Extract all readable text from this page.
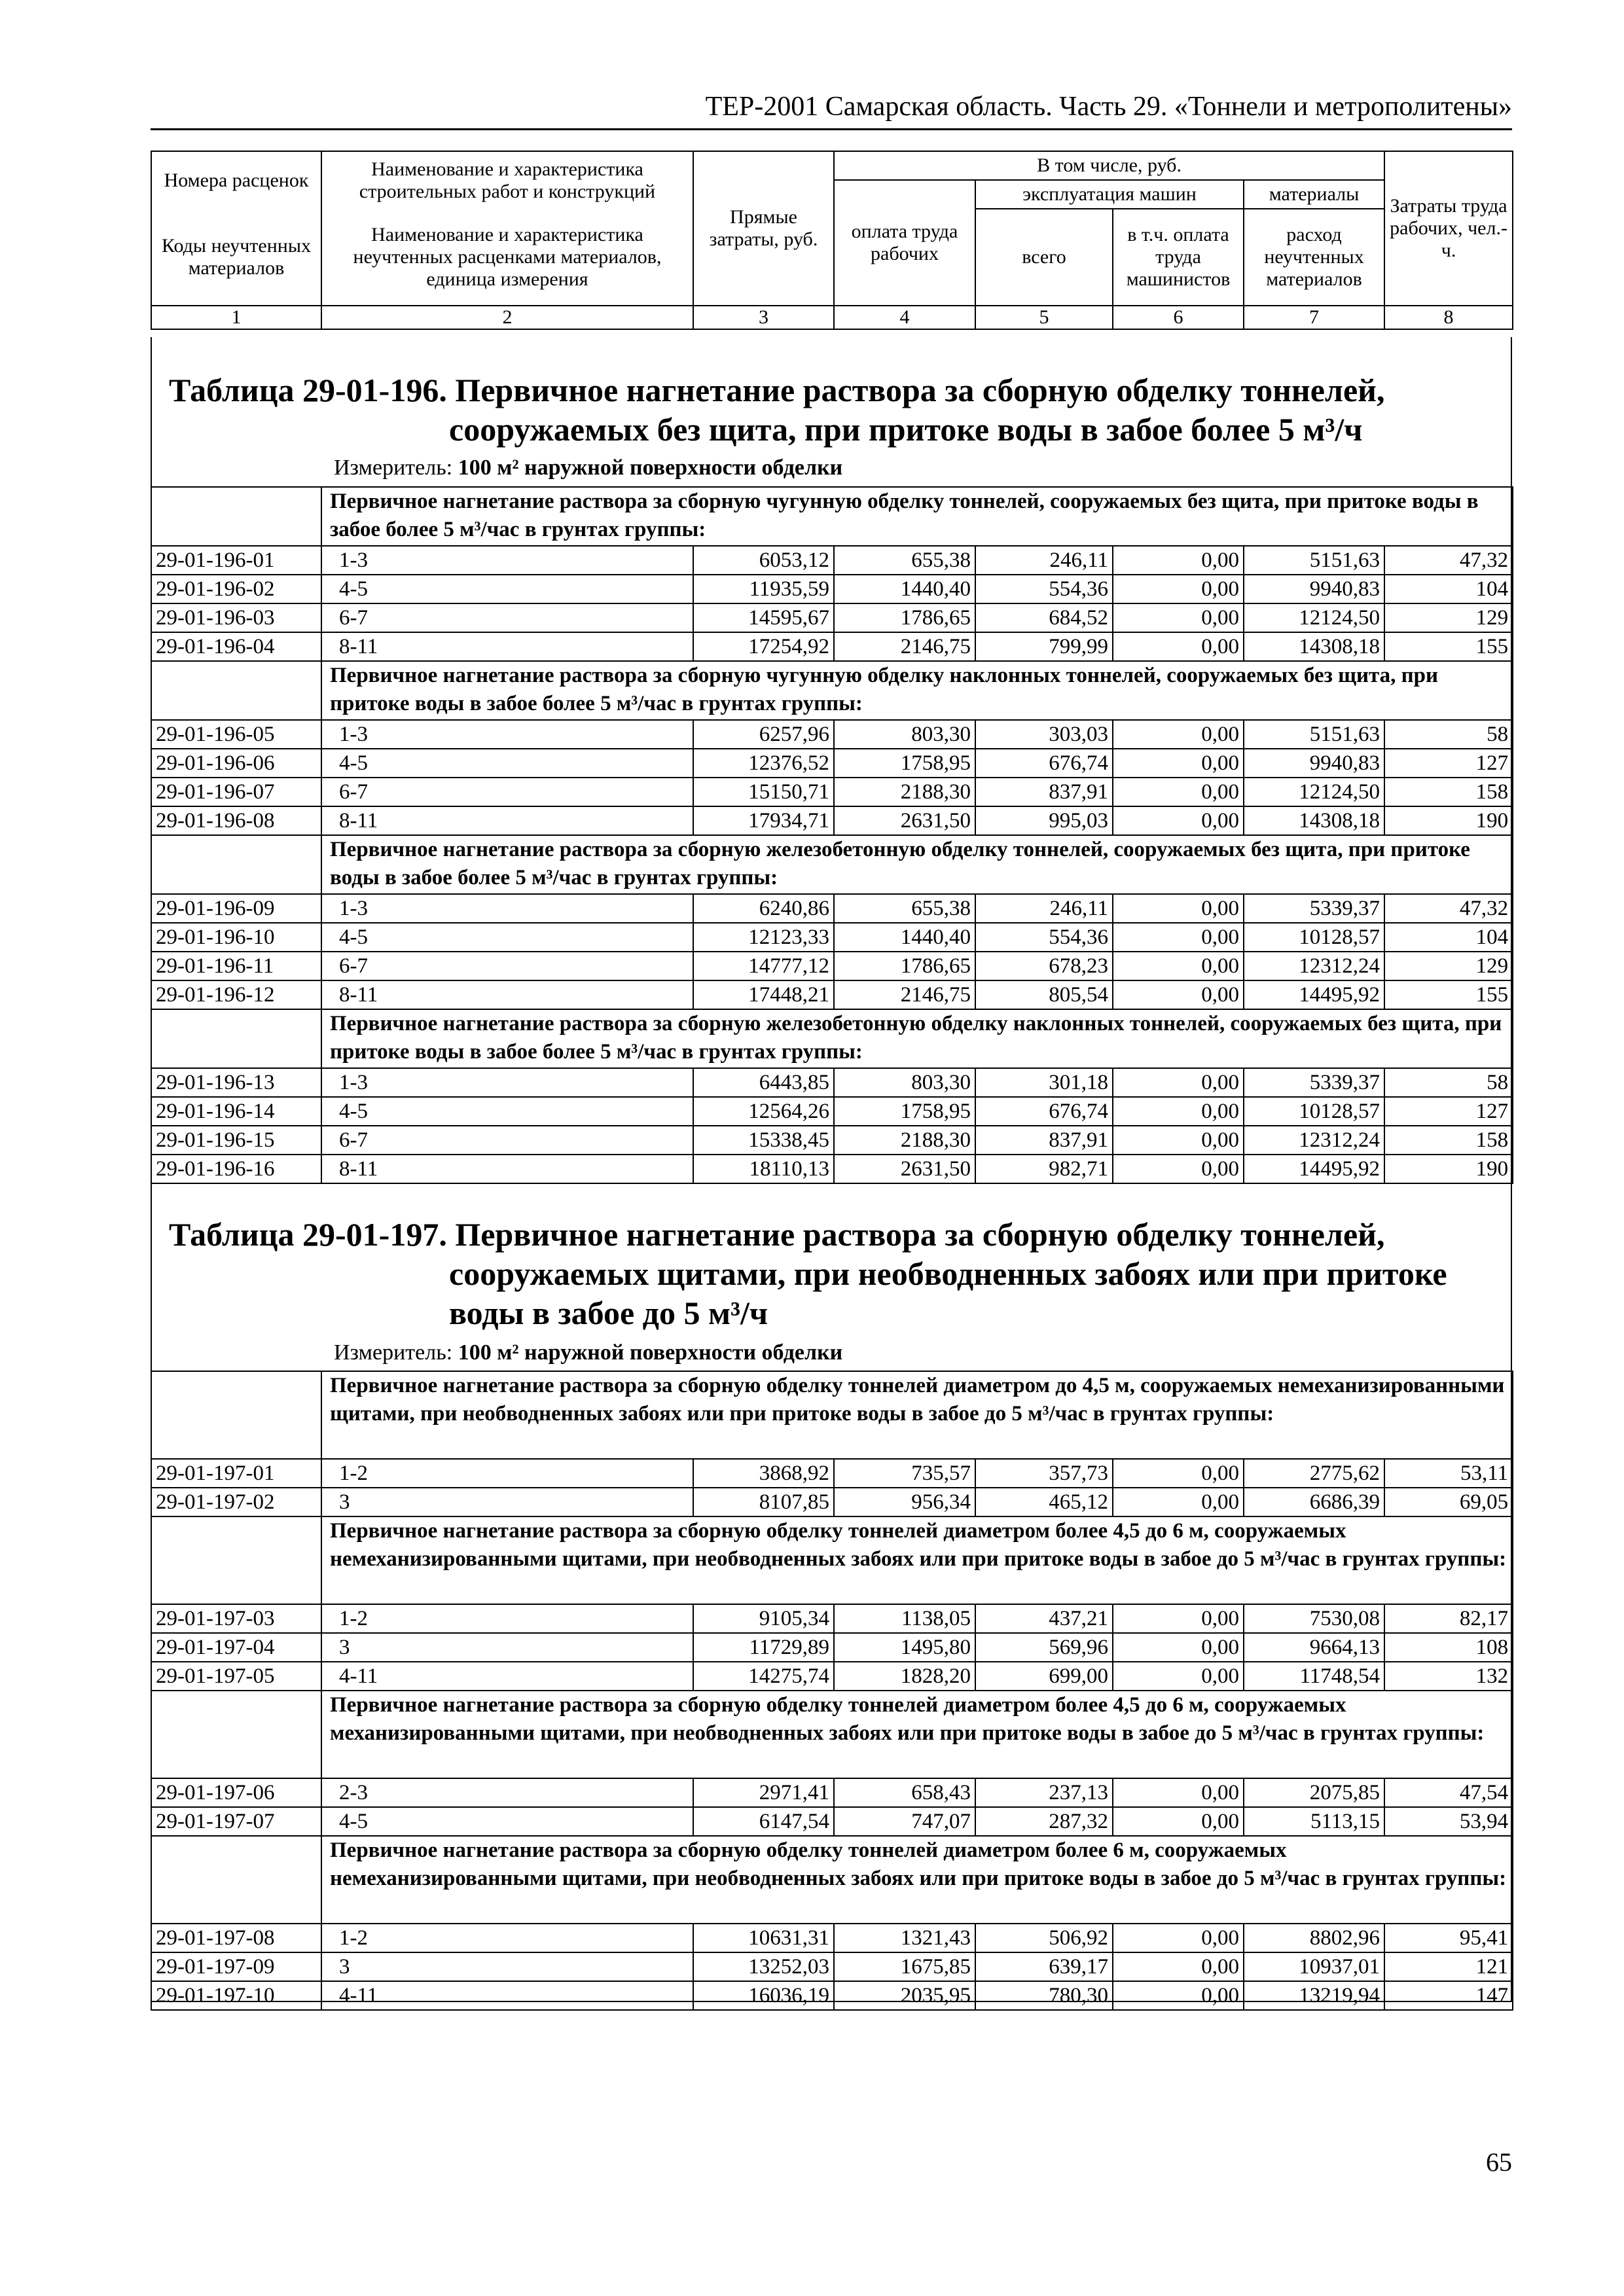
ТЕР-2001 Самарская область. Часть 29. «Тоннели и метрополитены»
Номера расценок	Наименование и характеристика строительных работ и конструкций	Прямые затраты, руб.	В том числе, руб.				Затраты труда рабочих, чел.-ч.
			оплата труда рабочих	эксплуатация машин		материалы	
Коды неучтенных материалов	Наименование и характеристика неучтенных расценками материалов, единица измерения			всего	в т.ч. оплата труда машинистов	расход неучтенных материалов	

1	2	3	4	5	6	7	8
Таблица 29-01-196. Первичное нагнетание раствора за сборную обделку тоннелей,
сооружаемых без щита, при притоке воды в забое более 5 м³/ч
Измеритель: 100 м² наружной поверхности обделки
	Первичное нагнетание раствора за сборную чугунную обделку тоннелей, сооружаемых без щита, при притоке воды в забое более 5 м³/час в грунтах группы:						
29-01-196-01	1-3	6053,12	655,38	246,11	0,00	5151,63	47,32
29-01-196-02	4-5	11935,59	1440,40	554,36	0,00	9940,83	104
29-01-196-03	6-7	14595,67	1786,65	684,52	0,00	12124,50	129
29-01-196-04	8-11	17254,92	2146,75	799,99	0,00	14308,18	155
	Первичное нагнетание раствора за сборную чугунную обделку наклонных тоннелей, сооружаемых без щита, при притоке воды в забое более 5 м³/час в грунтах группы:						
29-01-196-05	1-3	6257,96	803,30	303,03	0,00	5151,63	58
29-01-196-06	4-5	12376,52	1758,95	676,74	0,00	9940,83	127
29-01-196-07	6-7	15150,71	2188,30	837,91	0,00	12124,50	158
29-01-196-08	8-11	17934,71	2631,50	995,03	0,00	14308,18	190
	Первичное нагнетание раствора за сборную железобетонную обделку тоннелей, сооружаемых без щита, при притоке воды в забое более 5 м³/час в грунтах группы:						
29-01-196-09	1-3	6240,86	655,38	246,11	0,00	5339,37	47,32
29-01-196-10	4-5	12123,33	1440,40	554,36	0,00	10128,57	104
29-01-196-11	6-7	14777,12	1786,65	678,23	0,00	12312,24	129
29-01-196-12	8-11	17448,21	2146,75	805,54	0,00	14495,92	155
	Первичное нагнетание раствора за сборную железобетонную обделку наклонных тоннелей, сооружаемых без щита, при притоке воды в забое более 5 м³/час в грунтах группы:						
29-01-196-13	1-3	6443,85	803,30	301,18	0,00	5339,37	58
29-01-196-14	4-5	12564,26	1758,95	676,74	0,00	10128,57	127
29-01-196-15	6-7	15338,45	2188,30	837,91	0,00	12312,24	158
29-01-196-16	8-11	18110,13	2631,50	982,71	0,00	14495,92	190
Таблица 29-01-197. Первичное нагнетание раствора за сборную обделку тоннелей,
сооружаемых щитами, при необводненных забоях или при притоке
воды в забое до 5 м³/ч
Измеритель: 100 м² наружной поверхности обделки
	Первичное нагнетание раствора за сборную обделку тоннелей диаметром до 4,5 м, сооружаемых немеханизированными щитами, при необводненных забоях или при притоке воды в забое до 5 м³/час в грунтах группы:						
29-01-197-01	1-2	3868,92	735,57	357,73	0,00	2775,62	53,11
29-01-197-02	3	8107,85	956,34	465,12	0,00	6686,39	69,05
	Первичное нагнетание раствора за сборную обделку тоннелей диаметром более 4,5 до 6 м, сооружаемых немеханизированными щитами, при необводненных забоях или при притоке воды в забое до 5 м³/час в грунтах группы:						
29-01-197-03	1-2	9105,34	1138,05	437,21	0,00	7530,08	82,17
29-01-197-04	3	11729,89	1495,80	569,96	0,00	9664,13	108
29-01-197-05	4-11	14275,74	1828,20	699,00	0,00	11748,54	132
	Первичное нагнетание раствора за сборную обделку тоннелей диаметром более 4,5 до 6 м, сооружаемых механизированными щитами, при необводненных забоях или при притоке воды в забое до 5 м³/час в грунтах группы:						
29-01-197-06	2-3	2971,41	658,43	237,13	0,00	2075,85	47,54
29-01-197-07	4-5	6147,54	747,07	287,32	0,00	5113,15	53,94
	Первичное нагнетание раствора за сборную обделку тоннелей диаметром более 6 м, сооружаемых немеханизированными щитами, при необводненных забоях или при притоке воды в забое до 5 м³/час в грунтах группы:						
29-01-197-08	1-2	10631,31	1321,43	506,92	0,00	8802,96	95,41
29-01-197-09	3	13252,03	1675,85	639,17	0,00	10937,01	121
29-01-197-10	4-11	16036,19	2035,95	780,30	0,00	13219,94	147
65
